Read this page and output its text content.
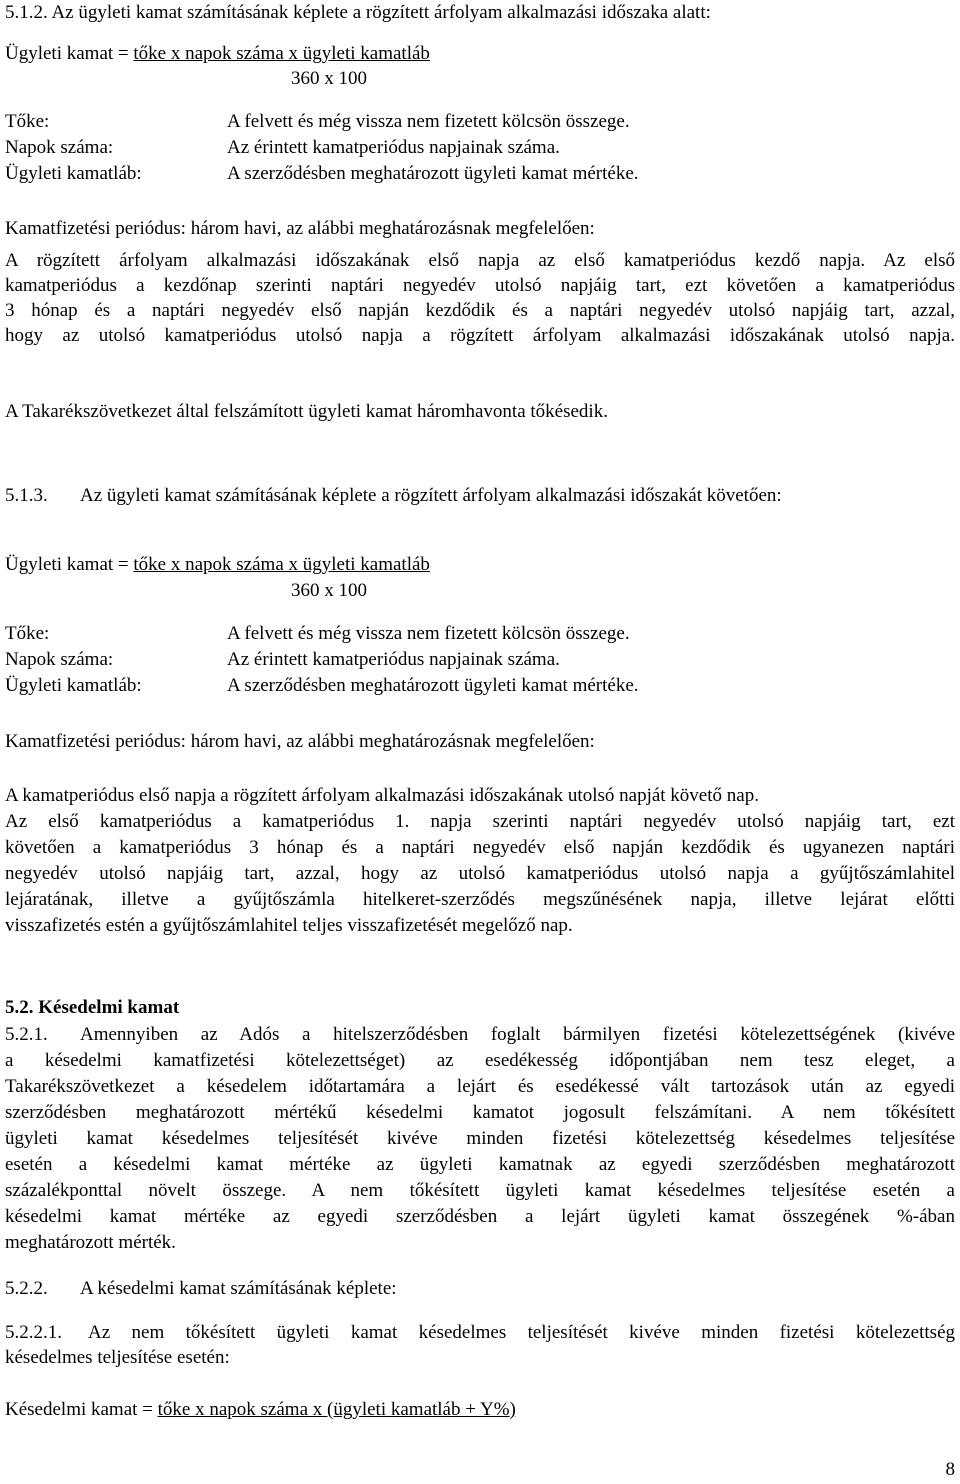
5.1.2. Az ügyleti kamat számításának képlete a rögzített árfolyam alkalmazási időszaka alatt:
Ügyleti kamat = tőke x napok száma x ügyleti kamatláb
360 x 100
Tőke:	A felvett és még vissza nem fizetett kölcsön összege.
Napok száma:	Az érintett kamatperiódus napjainak száma.
Ügyleti kamatláb:	A szerződésben meghatározott ügyleti kamat mértéke.
Kamatfizetési periódus: három havi, az alábbi meghatározásnak megfelelően:
A rögzített árfolyam alkalmazási időszakának első napja az első kamatperiódus kezdő napja. Az első
kamatperiódus a kezdőnap szerinti naptári negyedév utolsó napjáig tart, ezt követően a kamatperiódus
3 hónap és a naptári negyedév első napján kezdődik és a naptári negyedév utolsó napjáig tart, azzal,
hogy az utolsó kamatperiódus utolsó napja a rögzített árfolyam alkalmazási időszakának utolsó napja.
A Takarékszövetkezet által felszámított ügyleti kamat háromhavonta tőkésedik.
5.1.3. Az ügyleti kamat számításának képlete a rögzített árfolyam alkalmazási időszakát követően:
Ügyleti kamat = tőke x napok száma x ügyleti kamatláb
360 x 100
Tőke:	A felvett és még vissza nem fizetett kölcsön összege.
Napok száma:	Az érintett kamatperiódus napjainak száma.
Ügyleti kamatláb:	A szerződésben meghatározott ügyleti kamat mértéke.
Kamatfizetési periódus: három havi, az alábbi meghatározásnak megfelelően:
A kamatperiódus első napja a rögzített árfolyam alkalmazási időszakának utolsó napját követő nap.
Az első kamatperiódus a kamatperiódus 1. napja szerinti naptári negyedév utolsó napjáig tart, ezt
követően a kamatperiódus 3 hónap és a naptári negyedév első napján kezdődik és ugyanezen naptári
negyedév utolsó napjáig tart, azzal, hogy az utolsó kamatperiódus utolsó napja a gyűjtőszámlahitel
lejáratának, illetve a gyűjtőszámla hitelkeret-szerződés megszűnésének napja, illetve lejárat előtti
visszafizetés estén a gyűjtőszámlahitel teljes visszafizetését megelőző nap.
5.2. Késedelmi kamat
5.2.1.	Amennyiben az Adós a hitelszerződésben foglalt bármilyen fizetési kötelezettségének (kivéve
a késedelmi kamatfizetési kötelezettséget) az esedékesség időpontjában nem tesz eleget, a
Takarékszövetkezet a késedelem időtartamára a lejárt és esedékessé vált tartozások után az egyedi
szerződésben meghatározott mértékű késedelmi kamatot jogosult felszámítani. A nem tőkésített
ügyleti kamat késedelmes teljesítését kivéve minden fizetési kötelezettség késedelmes teljesítése
esetén a késedelmi kamat mértéke az ügyleti kamatnak az egyedi szerződésben meghatározott
százalékponttal növelt összege. A nem tőkésített ügyleti kamat késedelmes teljesítése esetén a
késedelmi kamat mértéke az egyedi szerződésben a lejárt ügyleti kamat összegének %-ában
meghatározott mérték.
5.2.2. A késedelmi kamat számításának képlete:
5.2.2.1.	Az nem tőkésített ügyleti kamat késedelmes teljesítését kivéve minden fizetési kötelezettség
késedelmes teljesítése esetén:
Késedelmi kamat = tőke x napok száma x (ügyleti kamatláb + Y%)
8
